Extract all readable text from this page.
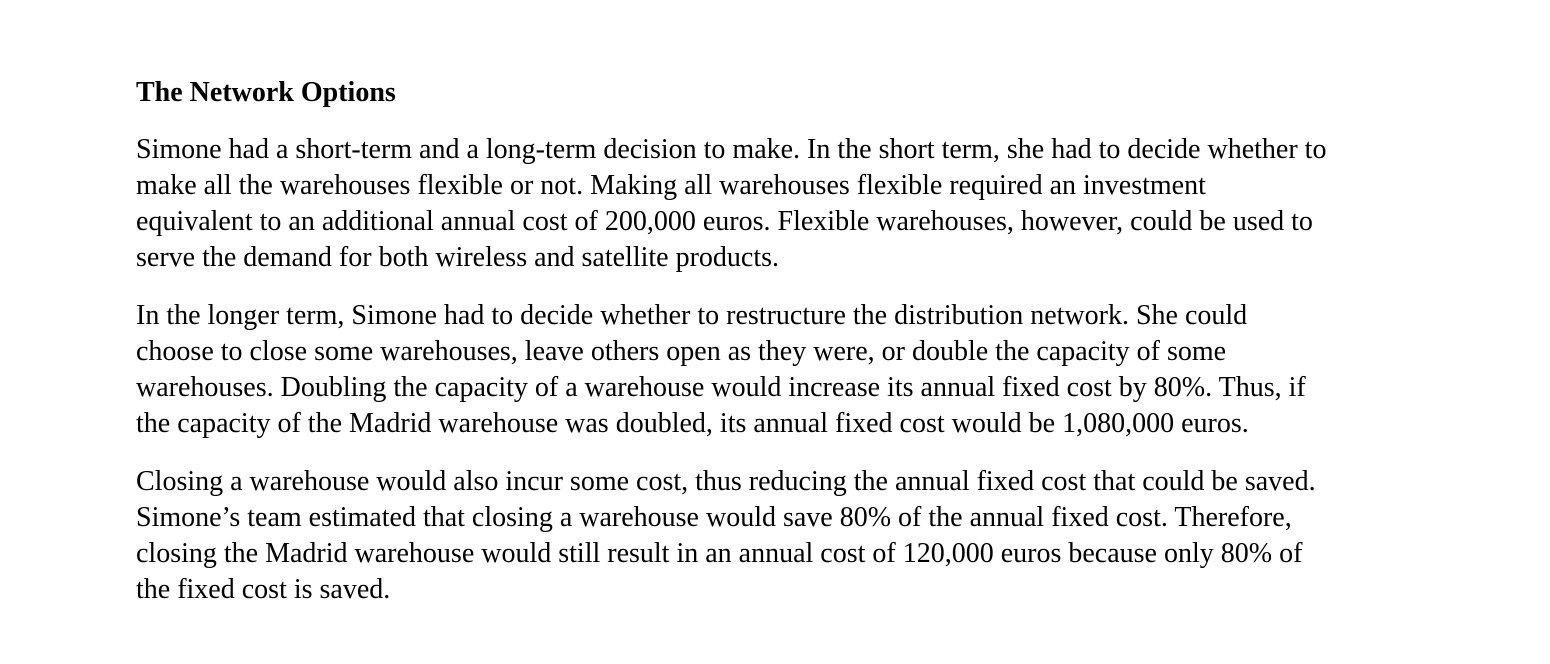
The Network Options

Simone had a short-term and a long-term decision to make. In the short term, she had to decide whether to
make all the warehouses flexible or not. Making all warehouses flexible required an investment
equivalent to an additional annual cost of 200,000 euros. Flexible warehouses, however, could be used to
serve the demand for both wireless and satellite products.

In the longer term, Simone had to decide whether to restructure the distribution network. She could
choose to close some warehouses, leave others open as they were, or double the capacity of some
warehouses. Doubling the capacity of a warehouse would increase its annual fixed cost by 80%. Thus, if
the capacity of the Madrid warehouse was doubled, its annual fixed cost would be 1,080,000 euros.

Closing a warehouse would also incur some cost, thus reducing the annual fixed cost that could be saved.
Simone’s team estimated that closing a warehouse would save 80% of the annual fixed cost. Therefore,
closing the Madrid warehouse would still result in an annual cost of 120,000 euros because only 80% of
the fixed cost is saved.
